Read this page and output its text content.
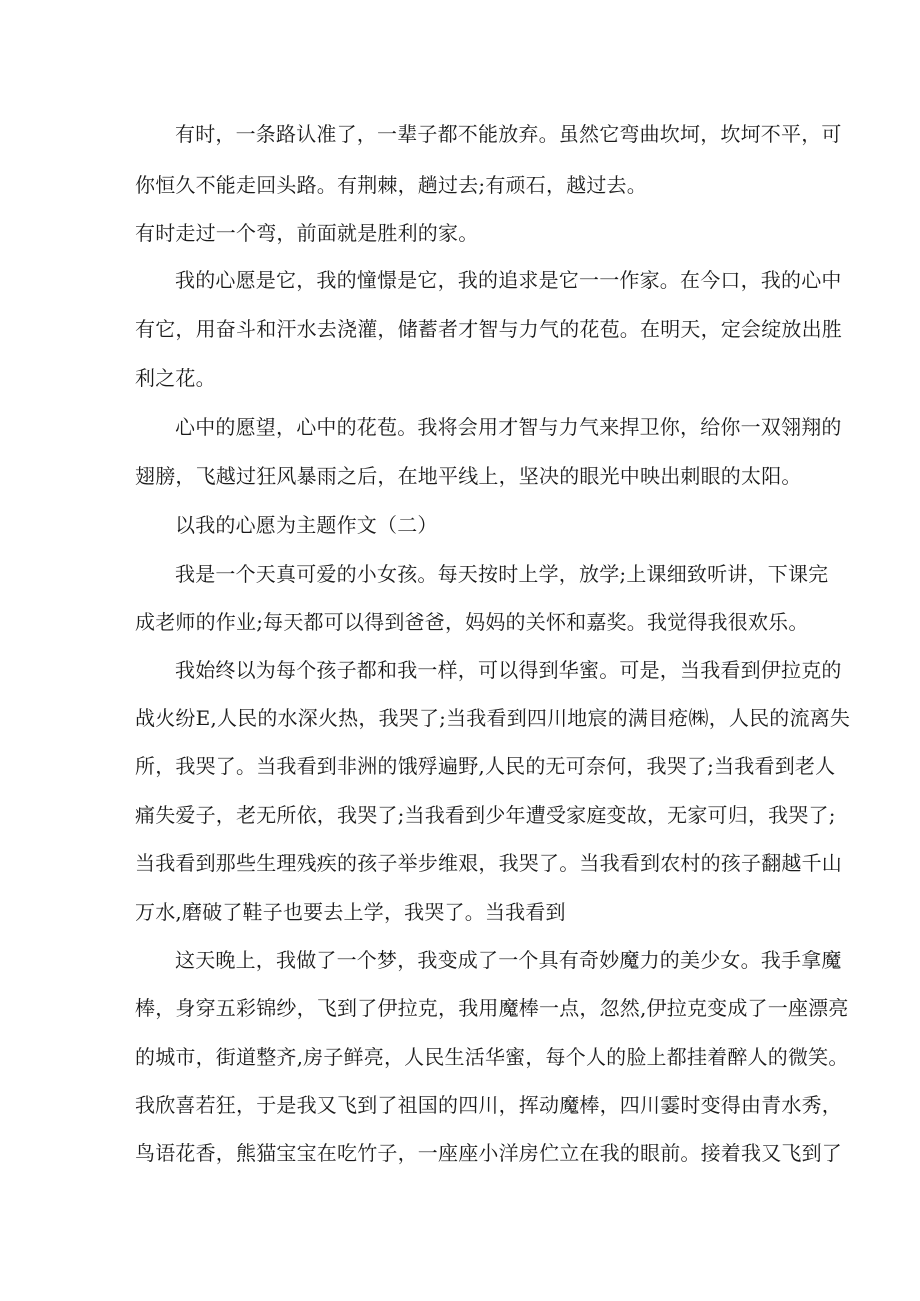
有时，一条路认准了，一辈子都不能放弃。虽然它弯曲坎坷，坎坷不平，可
你恒久不能走回头路。有荆棘，趟过去;有顽石，越过去。
有时走过一个弯，前面就是胜利的家。
我的心愿是它，我的憧憬是它，我的追求是它一一作家。在今口，我的心中
有它，用奋斗和汗水去浇灌，储蓄者才智与力气的花苞。在明天，定会绽放出胜
利之花。
心中的愿望，心中的花苞。我将会用才智与力气来捍卫你，给你一双翎翔的
翅膀，飞越过狂风暴雨之后，在地平线上，坚决的眼光中映出刺眼的太阳。
以我的心愿为主题作文（二）
我是一个天真可爱的小女孩。每天按时上学，放学;上课细致听讲，下课完
成老师的作业;每天都可以得到爸爸，妈妈的关怀和嘉奖。我觉得我很欢乐。
我始终以为每个孩子都和我一样，可以得到华蜜。可是，当我看到伊拉克的
战火纷E,人民的水深火热，我哭了;当我看到四川地宸的满目疮㈱，人民的流离失
所，我哭了。当我看到非洲的饿殍遍野,人民的无可奈何，我哭了;当我看到老人
痛失爱子，老无所依，我哭了;当我看到少年遭受家庭变故，无家可归，我哭了;
当我看到那些生理残疾的孩子举步维艰，我哭了。当我看到农村的孩子翻越千山
万水,磨破了鞋子也要去上学，我哭了。当我看到
这天晚上，我做了一个梦，我变成了一个具有奇妙魔力的美少女。我手拿魔
棒，身穿五彩锦纱，飞到了伊拉克，我用魔棒一点，忽然,伊拉克变成了一座漂亮
的城市，街道整齐,房子鲜亮，人民生活华蜜，每个人的脸上都挂着醉人的微笑。
我欣喜若狂，于是我又飞到了祖国的四川，挥动魔棒，四川霎时变得由青水秀，
鸟语花香，熊猫宝宝在吃竹子，一座座小洋房伫立在我的眼前。接着我又飞到了
